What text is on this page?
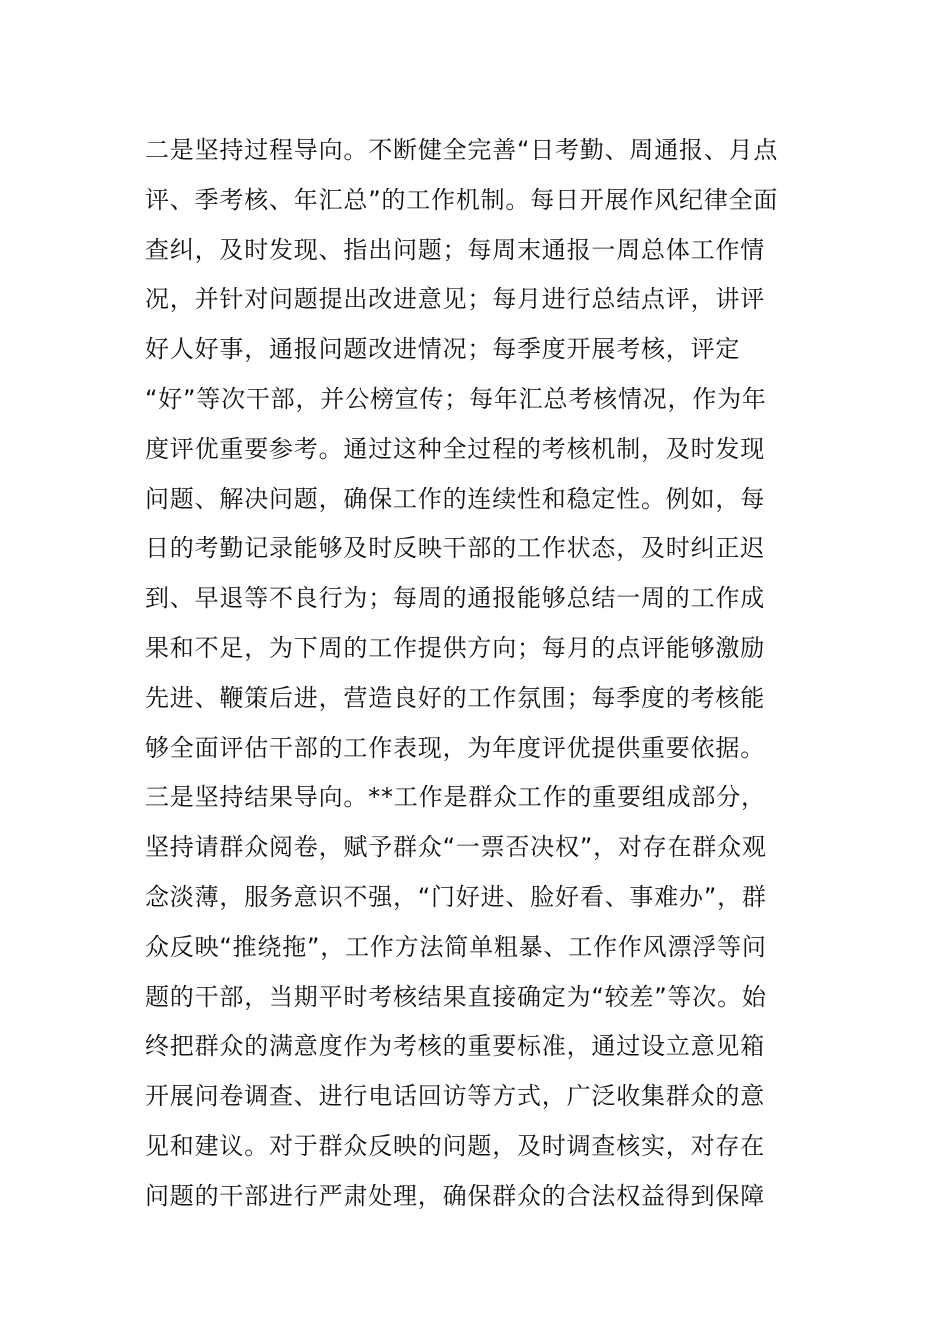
二是坚持过程导向。不断健全完善“日考勤、周通报、月点
评、季考核、年汇总”的工作机制。每日开展作风纪律全面
查纠，及时发现、指出问题；每周末通报一周总体工作情
况，并针对问题提出改进意见；每月进行总结点评，讲评
好人好事，通报问题改进情况；每季度开展考核，评定
“好”等次干部，并公榜宣传；每年汇总考核情况，作为年
度评优重要参考。通过这种全过程的考核机制，及时发现
问题、解决问题，确保工作的连续性和稳定性。例如，每
日的考勤记录能够及时反映干部的工作状态，及时纠正迟
到、早退等不良行为；每周的通报能够总结一周的工作成
果和不足，为下周的工作提供方向；每月的点评能够激励
先进、鞭策后进，营造良好的工作氛围；每季度的考核能
够全面评估干部的工作表现，为年度评优提供重要依据。
三是坚持结果导向。**工作是群众工作的重要组成部分，
坚持请群众阅卷，赋予群众“一票否决权”，对存在群众观
念淡薄，服务意识不强，“门好进、脸好看、事难办”，群
众反映“推绕拖”，工作方法简单粗暴、工作作风漂浮等问
题的干部，当期平时考核结果直接确定为“较差”等次。始
终把群众的满意度作为考核的重要标准，通过设立意见箱
开展问卷调查、进行电话回访等方式，广泛收集群众的意
见和建议。对于群众反映的问题，及时调查核实，对存在
问题的干部进行严肃处理，确保群众的合法权益得到保障
